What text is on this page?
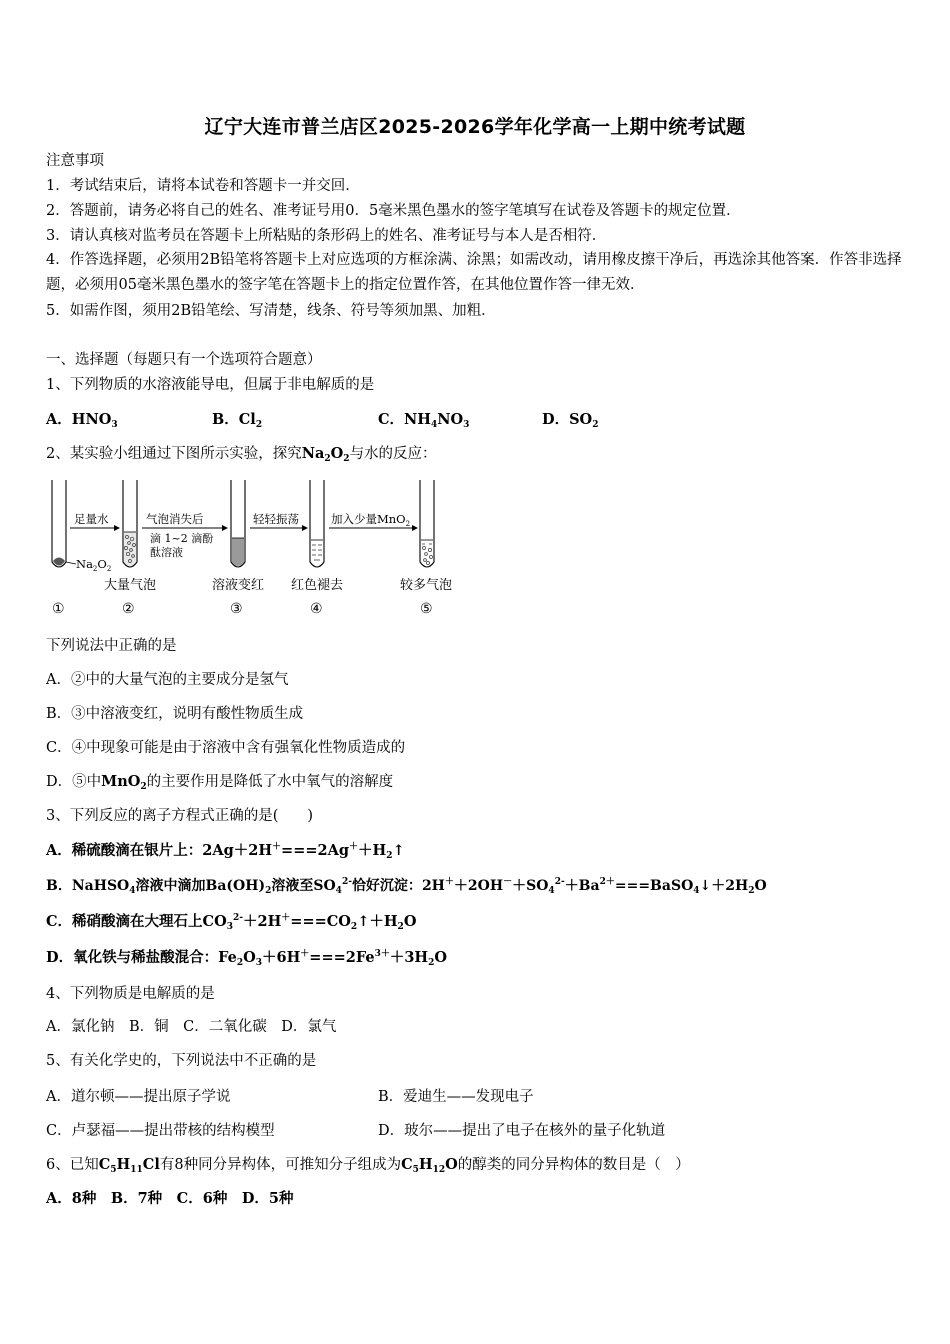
辽宁大连市普兰店区2025-2026学年化学高一上期中统考试题
注意事项
1．考试结束后，请将本试卷和答题卡一并交回．
2．答题前，请务必将自己的姓名、准考证号用0．5毫米黑色墨水的签字笔填写在试卷及答题卡的规定位置．
3．请认真核对监考员在答题卡上所粘贴的条形码上的姓名、准考证号与本人是否相符．
4．作答选择题，必须用2B铅笔将答题卡上对应选项的方框涂满、涂黑；如需改动，请用橡皮擦干净后，再选涂其他答案．作答非选择题，必须用05毫米黑色墨水的签字笔在答题卡上的指定位置作答，在其他位置作答一律无效．
5．如需作图，须用2B铅笔绘、写清楚，线条、符号等须加黑、加粗．
一、选择题（每题只有一个选项符合题意）
1、下列物质的水溶液能导电，但属于非电解质的是
A．$HNO_3$	B．$Cl_2$	C．$NH_4NO_3$	D．$SO_2$
2、某实验小组通过下图所示实验，探究$Na_2O_2$与水的反应：
$Na_2O_2$
足量水	气泡消失后
滴 1~2 滴酚
酞溶液
轻轻振荡	加入少量MnO$_2$
大量气泡	溶液变红 红色褪去	较多气泡
①	②	③	④	⑤
下列说法中正确的是
A．②中的大量气泡的主要成分是氢气
B．③中溶液变红，说明有酸性物质生成
C．④中现象可能是由于溶液中含有强氧化性物质造成的
D．⑤中MnO$_2$的主要作用是降低了水中氧气的溶解度
3、下列反应的离子方程式正确的是(　　)
A．稀硫酸滴在银片上：$2Ag+2H^+===2Ag^++H_2↑$
B．NaHSO$_4$溶液中滴加$Ba(OH)_2$溶液至$SO_4^{2-}$恰好沉淀：$2H^++2OH^-+SO_4^{2-}+Ba^{2+}===BaSO_4↓+2H_2O$
C．稀硝酸滴在大理石上$CO_3^{2-}+2H^+===CO_2↑+H_2O$
D．氧化铁与稀盐酸混合：$Fe_2O_3+6H^+===2Fe^{3+}+3H_2O$
4、下列物质是电解质的是
A．氯化钠　B．铜　C．二氧化碳　D．氯气
5、有关化学史的，下列说法中不正确的是
A．道尔顿——提出原子学说	B．爱迪生——发现电子
C．卢瑟福——提出带核的结构模型	D．玻尔——提出了电子在核外的量子化轨道
6、已知$C_5H_{11}Cl$有8种同分异构体，可推知分子组成为$C_5H_{12}O$的醇类的同分异构体的数目是（　）
A．8种　B．7种　C．6种　D．5种
